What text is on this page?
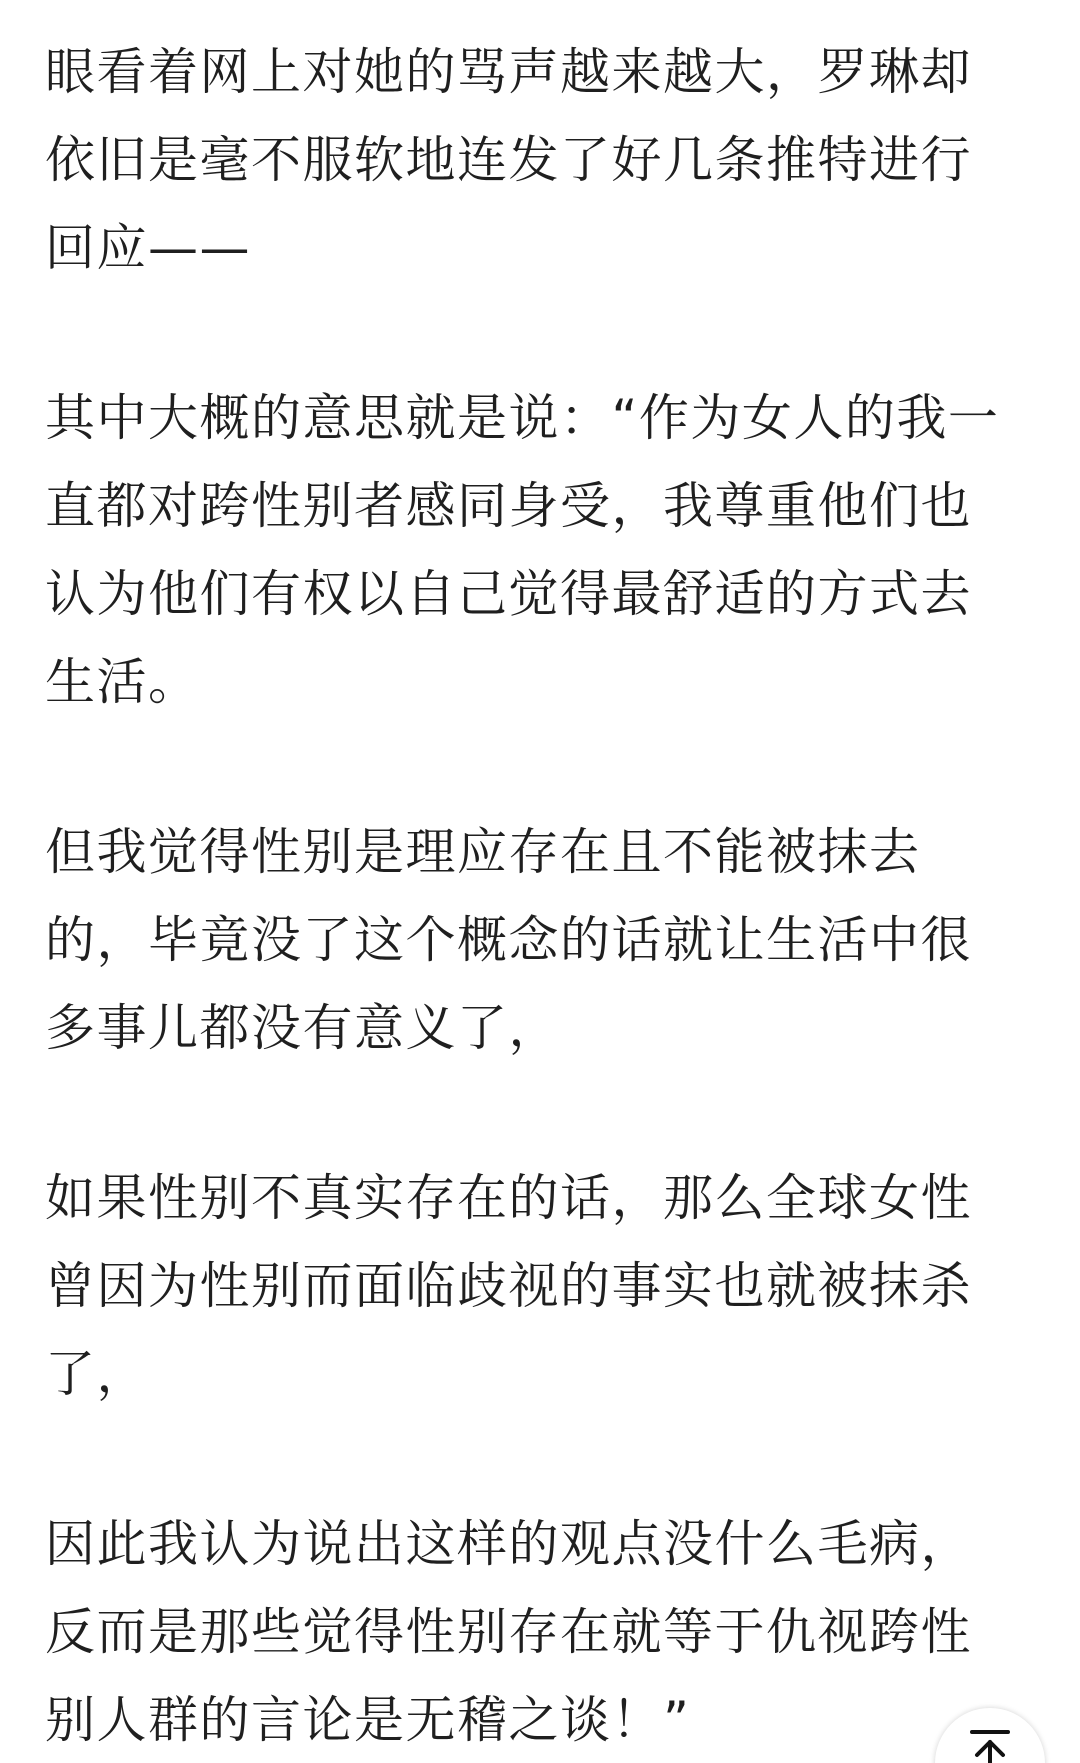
眼看着网上对她的骂声越来越大，罗琳却
依旧是毫不服软地连发了好几条推特进行
回应——

其中大概的意思就是说：“作为女人的我一
直都对跨性别者感同身受，我尊重他们也
认为他们有权以自己觉得最舒适的方式去
生活。

但我觉得性别是理应存在且不能被抹去
的，毕竟没了这个概念的话就让生活中很
多事儿都没有意义了，

如果性别不真实存在的话，那么全球女性
曾因为性别而面临歧视的事实也就被抹杀
了，

因此我认为说出这样的观点没什么毛病，
反而是那些觉得性别存在就等于仇视跨性
别人群的言论是无稽之谈！”
